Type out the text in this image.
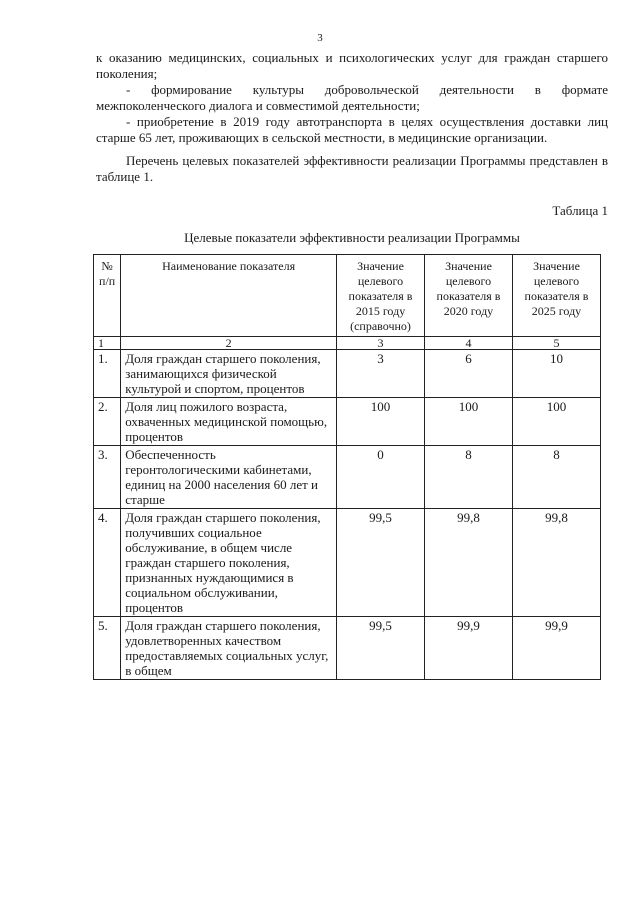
3

к оказанию медицинских, социальных и психологических услуг для граждан старшего поколения;

- формирование культуры добровольческой деятельности в формате межпоколенческого диалога и совместимой деятельности;

- приобретение в 2019 году автотранспорта в целях осуществления доставки лиц старше 65 лет, проживающих в сельской местности, в медицинские организации.

Перечень целевых показателей эффективности реализации Программы представлен в таблице 1.

Таблица 1
Целевые показатели эффективности реализации Программы
№ п/п	Наименование показателя	Значение целевого показателя в 2015 году (справочно)	Значение целевого показателя в 2020 году	Значение целевого показателя в 2025 году
1	2	3	4	5
1.	Доля граждан старшего поколения, занимающихся физической культурой и спортом, процентов	3	6	10
2.	Доля лиц пожилого возраста, охваченных медицинской помощью, процентов	100	100	100
3.	Обеспеченность геронтологическими кабинетами, единиц на 2000 населения 60 лет и старше	0	8	8
4.	Доля граждан старшего поколения, получивших социальное обслуживание, в общем числе граждан старшего поколения, признанных нуждающимися в социальном обслуживании, процентов	99,5	99,8	99,8
5.	Доля граждан старшего поколения, удовлетворенных качеством предоставляемых социальных услуг, в общем	99,5	99,9	99,9
